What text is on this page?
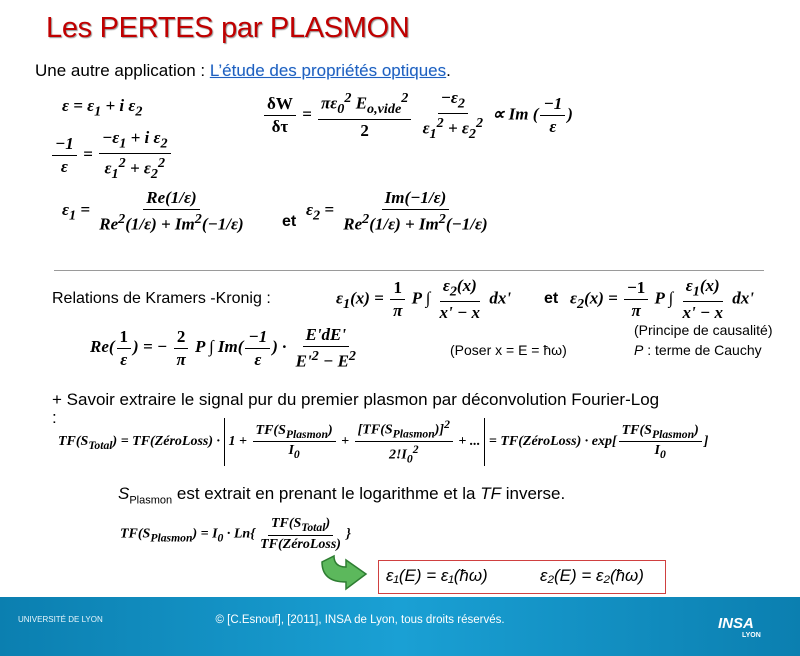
Les PERTES par PLASMON
Une autre application : L’étude des propriétés optiques.
$\varepsilon = \varepsilon_1 + i$ $\varepsilon_2$
$\frac{-1}{\varepsilon} = \frac{-\varepsilon_1 + i \varepsilon_2}{\varepsilon_1^2 + \varepsilon_2^2}$
$\frac{\delta W}{\delta\tau} = \frac{\pi\varepsilon_0^2 E_{o,vide}^2}{2}$
$\frac{-\varepsilon_2}{\varepsilon_1^2 + \varepsilon_2^2} \propto Im$ ( $\frac{-1}{\varepsilon}$ )
$\varepsilon_1 = \frac{Re(1/\varepsilon)}{Re^2(1/\varepsilon) + Im^2(-1/\varepsilon)}$ et
$\varepsilon_2 = \frac{Im(-1/\varepsilon)}{Re^2(1/\varepsilon) + Im^2(-1/\varepsilon)}$
Relations de Kramers -Kronig :	$\varepsilon_1(x) = \frac{1}{\pi}$ P ∫ $\frac{\varepsilon_2(x)}{x' - x} dx'$ et $\varepsilon_2(x) = \frac{-1}{\pi}$ P ∫ $\frac{\varepsilon_1(x)}{x' - x} dx'$
$Re( \frac{1}{\varepsilon}$ ) = − $\frac{2}{\pi}$ P ∫ $Im( \frac{-1}{\varepsilon}$ ) · $\frac{E'dE'}{E'^2 - E^2}$	(Principe de causalité)
P : terme de Cauchy
(Poser x = E = ħω)
+ Savoir extraire le signal pur du premier plasmon par déconvolution Fourier-Log
:
$TF(S_{Total})$ = TF(ZéroLoss) · $1 + \frac{TF(S_{Plasmon})}{I_0} + \frac{[TF(S_{Plasmon})]^2}{2!I_0^2}$ + ... = TF(ZéroLoss) · $\exp[ \frac{TF(S_{Plasmon})}{I_0}$ ]
$S_{Plasmon}$ est extrait en prenant le logarithme et la TF inverse.
$TF(S_{Plasmon}) = I_0 \cdot Ln\{ \frac{TF(S_{Total})}{\text{TF(ZéroLoss)}}$ }
ε₁(E) = ε₁(ħω)	ε₂(E) = ε₂(ħω)
UNIVERSITÉ DE LYON	© [C.Esnouf], [2011], INSA de Lyon, tous droits réservés.	INSA
LYON
